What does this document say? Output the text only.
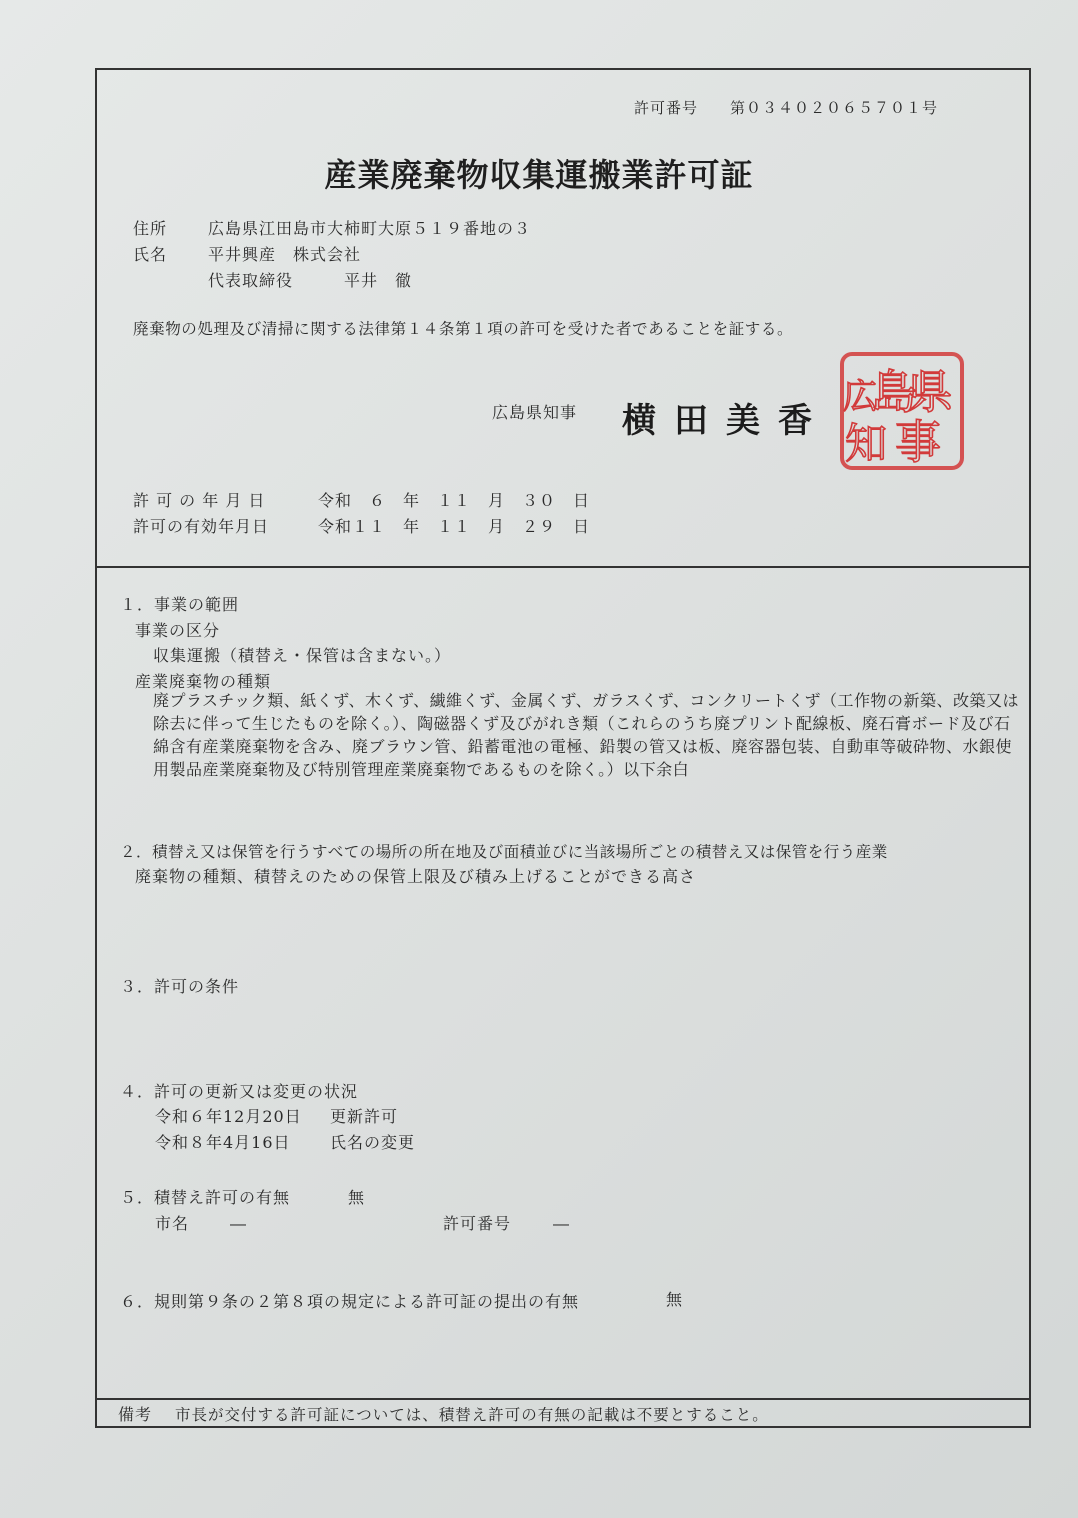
許可番号　　第０３４０２０６５７０１号
産業廃棄物収集運搬業許可証
住所	広島県江田島市大柿町大原５１９番地の３
氏名	平井興産　株式会社
代表取締役　　　平井　徹
廃棄物の処理及び清掃に関する法律第１４条第１項の許可を受けた者であることを証する。
広島県知事 横田美香
県
島
広
事
知
許 可 の 年 月 日	令和　６　年　１１　月　３０　日
許可の有効年月日	令和１１　年　１１　月　２９　日
１．事業の範囲
事業の区分
収集運搬（積替え・保管は含まない。）
産業廃棄物の種類
廃プラスチック類、紙くず、木くず、繊維くず、金属くず、ガラスくず、コンクリートくず（工作物の新築、改築又は除去に伴って生じたものを除く。）、陶磁器くず及びがれき類（これらのうち廃プリント配線板、廃石膏ボード及び石綿含有産業廃棄物を含み、廃ブラウン管、鉛蓄電池の電極、鉛製の管又は板、廃容器包装、自動車等破砕物、水銀使用製品産業廃棄物及び特別管理産業廃棄物であるものを除く。）以下余白
２．積替え又は保管を行うすべての場所の所在地及び面積並びに当該場所ごとの積替え又は保管を行う産業
廃棄物の種類、積替えのための保管上限及び積み上げることができる高さ
３．許可の条件
４．許可の更新又は変更の状況
令和６年12月20日 更新許可
令和８年4月16日 氏名の変更
５．積替え許可の有無	無
市名	―	許可番号	―
６．規則第９条の２第８項の規定による許可証の提出の有無	無
備考 市長が交付する許可証については、積替え許可の有無の記載は不要とすること。
